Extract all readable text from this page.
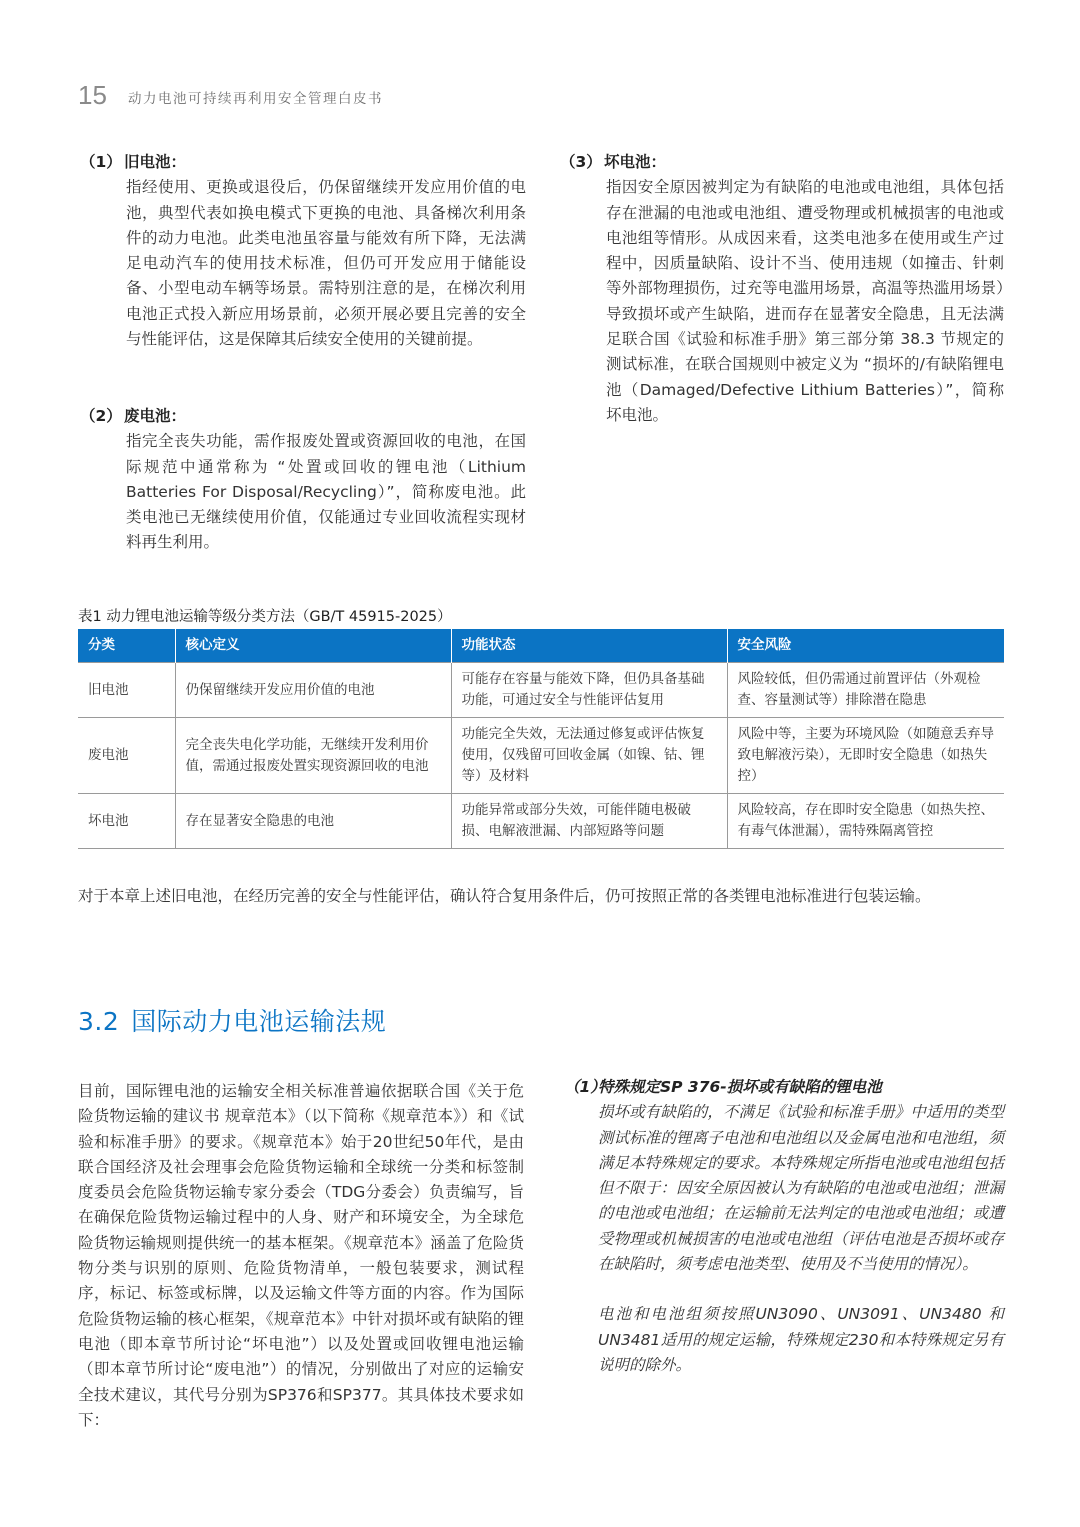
15 动力电池可持续再利用安全管理白皮书
（1） 旧电池：
指经使用、更换或退役后，仍保留继续开发应用价值的电池，典型代表如换电模式下更换的电池、具备梯次利用条件的动力电池。此类电池虽容量与能效有所下降，无法满足电动汽车的使用技术标准，但仍可开发应用于储能设备、小型电动车辆等场景。需特别注意的是，在梯次利用电池正式投入新应用场景前，必须开展必要且完善的安全与性能评估，这是保障其后续安全使用的关键前提。
（2） 废电池：
指完全丧失功能，需作报废处置或资源回收的电池，在国际规范中通常称为 “处置或回收的锂电池（Lithium Batteries For Disposal/Recycling）”，简称废电池。此类电池已无继续使用价值，仅能通过专业回收流程实现材料再生利用。
（3） 坏电池：
指因安全原因被判定为有缺陷的电池或电池组，具体包括存在泄漏的电池或电池组、遭受物理或机械损害的电池或电池组等情形。从成因来看，这类电池多在使用或生产过程中，因质量缺陷、设计不当、使用违规（如撞击、针刺等外部物理损伤，过充等电滥用场景，高温等热滥用场景）导致损坏或产生缺陷，进而存在显著安全隐患，且无法满足联合国《试验和标准手册》第三部分第 38.3 节规定的测试标准，在联合国规则中被定义为 “损坏的/有缺陷锂电池（Damaged/Defective Lithium Batteries）”，简称坏电池。
表1 动力锂电池运输等级分类方法（GB/T 45915-2025）
分类	核心定义	功能状态	安全风险
旧电池	仍保留继续开发应用价值的电池	可能存在容量与能效下降，但仍具备基础功能，可通过安全与性能评估复用	风险较低，但仍需通过前置评估（外观检查、容量测试等）排除潜在隐患
废电池	完全丧失电化学功能，无继续开发利用价值，需通过报废处置实现资源回收的电池	功能完全失效，无法通过修复或评估恢复使用，仅残留可回收金属（如镍、钴、锂等）及材料	风险中等，主要为环境风险（如随意丢弃导致电解液污染），无即时安全隐患（如热失控）
坏电池	存在显著安全隐患的电池	功能异常或部分失效，可能伴随电极破损、电解液泄漏、内部短路等问题	风险较高，存在即时安全隐患（如热失控、有毒气体泄漏），需特殊隔离管控
对于本章上述旧电池，在经历完善的安全与性能评估，确认符合复用条件后，仍可按照正常的各类锂电池标准进行包装运输。
3.2 国际动力电池运输法规
目前，国际锂电池的运输安全相关标准普遍依据联合国《关于危险货物运输的建议书 规章范本》（以下简称《规章范本》）和《试验和标准手册》的要求。《规章范本》始于20世纪50年代，是由联合国经济及社会理事会危险货物运输和全球统一分类和标签制度委员会危险货物运输专家分委会（TDG分委会）负责编写，旨在确保危险货物运输过程中的人身、财产和环境安全，为全球危险货物运输规则提供统一的基本框架。《规章范本》涵盖了危险货物分类与识别的原则、危险货物清单，一般包装要求，测试程序，标记、标签或标牌，以及运输文件等方面的内容。作为国际危险货物运输的核心框架，《规章范本》中针对损坏或有缺陷的锂电池（即本章节所讨论“坏电池”）以及处置或回收锂电池运输（即本章节所讨论“废电池”）的情况，分别做出了对应的运输安全技术建议，其代号分别为SP376和SP377。其具体技术要求如下：
（1）特殊规定SP 376-损坏或有缺陷的锂电池
损坏或有缺陷的，不满足《试验和标准手册》中适用的类型测试标准的锂离子电池和电池组以及金属电池和电池组，须满足本特殊规定的要求。本特殊规定所指电池或电池组包括但不限于：因安全原因被认为有缺陷的电池或电池组；泄漏的电池或电池组；在运输前无法判定的电池或电池组；或遭受物理或机械损害的电池或电池组（评估电池是否损坏或存在缺陷时，须考虑电池类型、使用及不当使用的情况）。
电池和电池组须按照UN3090、UN3091、UN3480 和UN3481适用的规定运输，特殊规定230和本特殊规定另有说明的除外。
